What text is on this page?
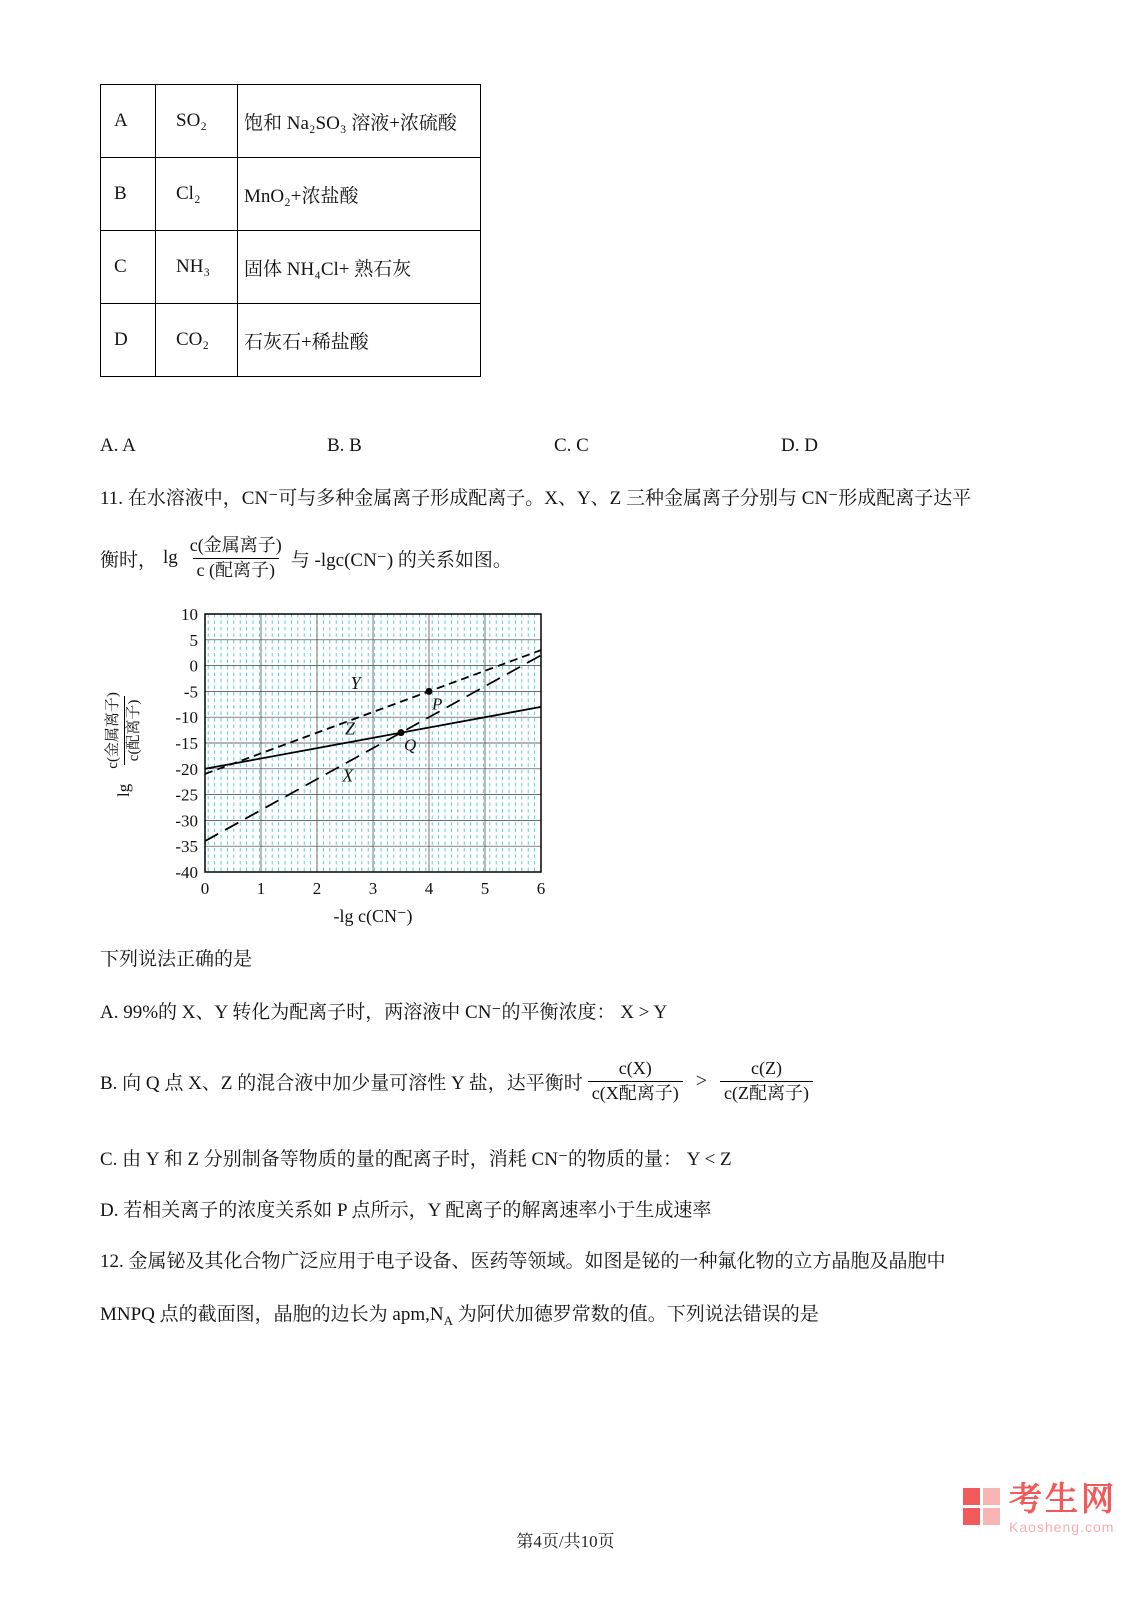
A	SO₂	饱和 Na₂SO₃ 溶液+浓硫酸
B	Cl₂	MnO₂+浓盐酸
C	NH₃	固体 NH₄Cl+ 熟石灰
D	CO₂	石灰石+稀盐酸
A. A	B. B	C. C	D. D

11. 在水溶液中，CN⁻可与多种金属离子形成配离子。X、Y、Z 三种金属离子分别与 CN⁻形成配离子达平

衡时， $\lg \frac{\text{c(金属离子)}}{\text{c (配离子)}}$ 与 -lgc(CN⁻) 的关系如图。
lg
c(金属离子) c(配离子)
0	1	2	3	4	5	6
10
5
0
-5
-10
-15
-20
-25
-30
-35
-40
-lg c(CN⁻)
Y
Z
X
P
Q

下列说法正确的是

A. 99%的 X、Y 转化为配离子时，两溶液中 CN⁻的平衡浓度： X > Y

B. 向 Q 点 X、Z 的混合液中加少量可溶性 Y 盐，达平衡时 $\frac{c(X)}{\text{c(X配离子)}} > \frac{c(Z)}{\text{c(Z配离子)}}$

C. 由 Y 和 Z 分别制备等物质的量的配离子时，消耗 CN⁻的物质的量： Y < Z

D. 若相关离子的浓度关系如 P 点所示，Y 配离子的解离速率小于生成速率

12. 金属铋及其化合物广泛应用于电子设备、医药等领域。如图是铋的一种氟化物的立方晶胞及晶胞中

MNPQ 点的截面图，晶胞的边长为 $apm,N_A$ 为阿伏加德罗常数的值。下列说法错误的是

第4页/共10页
考生网
Kaosheng.com
